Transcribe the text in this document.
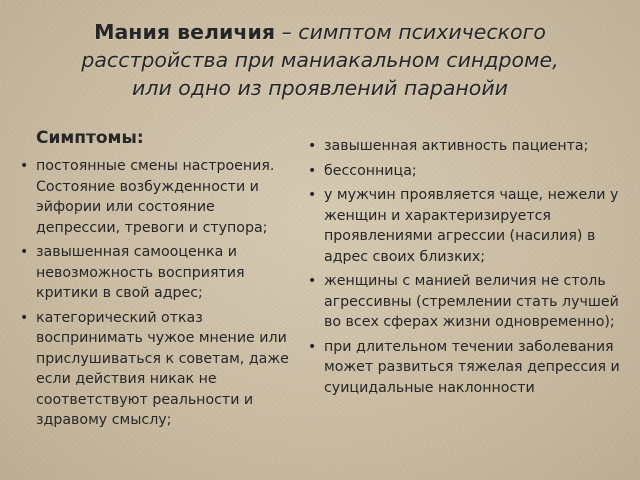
Мания величия – симптом психического
расстройства при маниакальном синдроме,
или одно из проявлений паранойи
Симптомы:
• постоянные смены настроения. Состояние возбужденности и эйфории или состояние депрессии, тревоги и ступора;
• завышенная самооценка и невозможность восприятия критики в свой адрес;
• категорический отказ воспринимать чужое мнение или прислушиваться к советам, даже если действия никак не соответствуют реальности и здравому смыслу;
• завышенная активность пациента;
• бессонница;
• у мужчин проявляется чаще, нежели у женщин и характеризируется проявлениями агрессии (насилия) в адрес своих близких;
• женщины с манией величия не столь агрессивны (стремлении стать лучшей во всех сферах жизни одновременно);
• при длительном течении заболевания может развиться тяжелая депрессия и суицидальные наклонности
